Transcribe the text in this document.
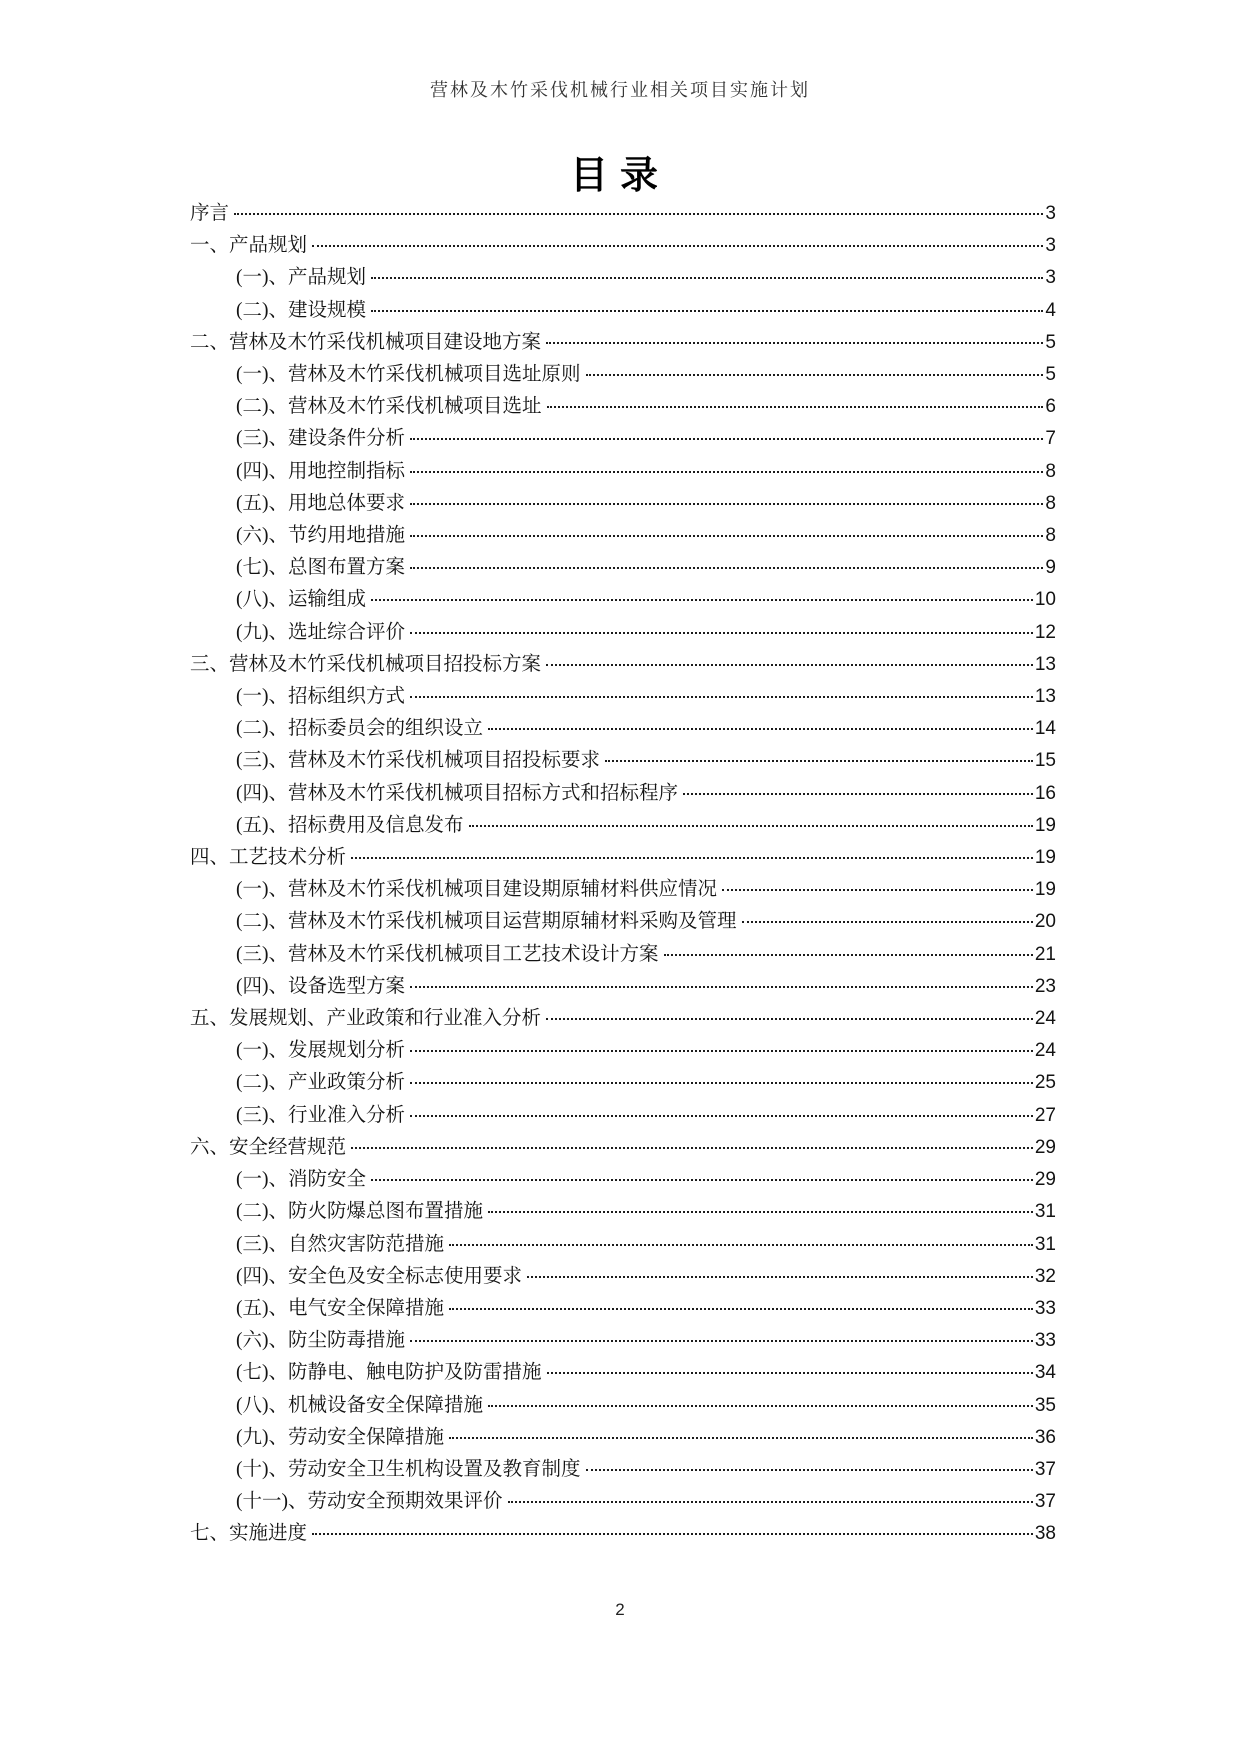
营林及木竹采伐机械行业相关项目实施计划
目录
序言	3
一、产品规划	3
(一)、产品规划	3
(二)、建设规模	4
二、营林及木竹采伐机械项目建设地方案	5
(一)、营林及木竹采伐机械项目选址原则	5
(二)、营林及木竹采伐机械项目选址	6
(三)、建设条件分析	7
(四)、用地控制指标	8
(五)、用地总体要求	8
(六)、节约用地措施	8
(七)、总图布置方案	9
(八)、运输组成	10
(九)、选址综合评价	12
三、营林及木竹采伐机械项目招投标方案	13
(一)、招标组织方式	13
(二)、招标委员会的组织设立	14
(三)、营林及木竹采伐机械项目招投标要求	15
(四)、营林及木竹采伐机械项目招标方式和招标程序	16
(五)、招标费用及信息发布	19
四、工艺技术分析	19
(一)、营林及木竹采伐机械项目建设期原辅材料供应情况	19
(二)、营林及木竹采伐机械项目运营期原辅材料采购及管理	20
(三)、营林及木竹采伐机械项目工艺技术设计方案	21
(四)、设备选型方案	23
五、发展规划、产业政策和行业准入分析	24
(一)、发展规划分析	24
(二)、产业政策分析	25
(三)、行业准入分析	27
六、安全经营规范	29
(一)、消防安全	29
(二)、防火防爆总图布置措施	31
(三)、自然灾害防范措施	31
(四)、安全色及安全标志使用要求	32
(五)、电气安全保障措施	33
(六)、防尘防毒措施	33
(七)、防静电、触电防护及防雷措施	34
(八)、机械设备安全保障措施	35
(九)、劳动安全保障措施	36
(十)、劳动安全卫生机构设置及教育制度	37
(十一)、劳动安全预期效果评价	37
七、实施进度	38
2
